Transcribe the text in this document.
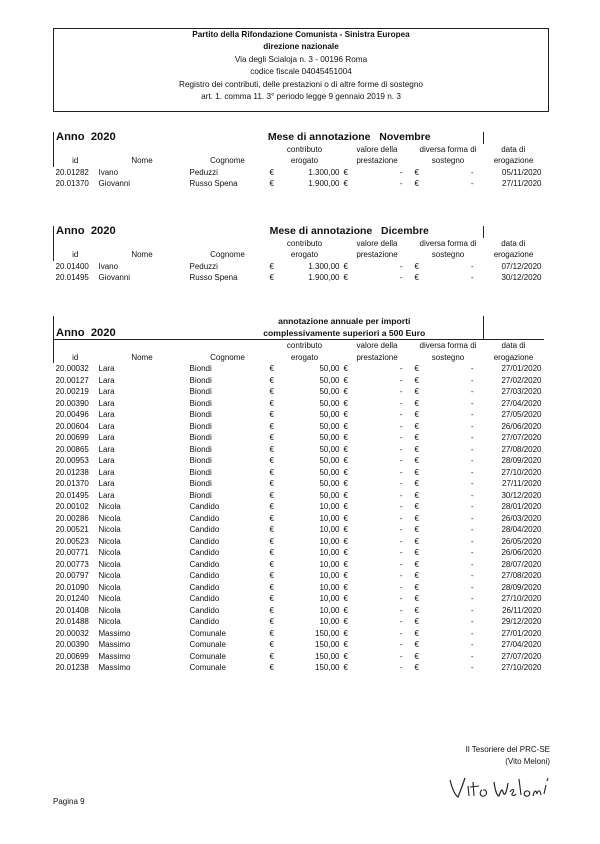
Partito della Rifondazione Comunista - Sinistra Europea
direzione nazionale
Via degli Scialoja n. 3 - 00196 Roma
codice fiscale 04045451004
Registro dei contributi, delle prestazioni o di altre forme di sostegno
art. 1. comma 11. 3° periodo legge 9 gennaio 2019 n. 3
Anno 2020		Mese di annotazione Novembre							
			contributo		valore della		diversa forma di		data di
id	Nome	Cognome	erogato		prestazione		sostegno		erogazione
20.01282	Ivano	Peduzzi	€	1.300,00	€	-	€	-	05/11/2020
20.01370	Giovanni	Russo Spena	€	1.900,00	€	-	€	-	27/11/2020
Anno 2020		Mese di annotazione Dicembre							
			contributo		valore della		diversa forma di		data di
id	Nome	Cognome	erogato		prestazione		sostegno		erogazione
20.01400	Ivano	Peduzzi	€	1.300,00	€	-	€	-	07/12/2020
20.01495	Giovanni	Russo Spena	€	1.900,00	€	-	€	-	30/12/2020
		annotazione annuale per importi							
Anno 2020		complessivamente superiori a 500 Euro							
			contributo		valore della		diversa forma di		data di
id	Nome	Cognome	erogato		prestazione		sostegno		erogazione
20.00032	Lara	Biondi	€	50,00	€	-	€	-	27/01/2020
20.00127	Lara	Biondi	€	50,00	€	-	€	-	27/02/2020
20.00219	Lara	Biondi	€	50,00	€	-	€	-	27/03/2020
20.00390	Lara	Biondi	€	50,00	€	-	€	-	27/04/2020
20.00496	Lara	Biondi	€	50,00	€	-	€	-	27/05/2020
20.00604	Lara	Biondi	€	50,00	€	-	€	-	26/06/2020
20.00699	Lara	Biondi	€	50,00	€	-	€	-	27/07/2020
20.00865	Lara	Biondi	€	50,00	€	-	€	-	27/08/2020
20.00953	Lara	Biondi	€	50,00	€	-	€	-	28/09/2020
20.01238	Lara	Biondi	€	50,00	€	-	€	-	27/10/2020
20.01370	Lara	Biondi	€	50,00	€	-	€	-	27/11/2020
20.01495	Lara	Biondi	€	50,00	€	-	€	-	30/12/2020
20.00102	Nicola	Candido	€	10,00	€	-	€	-	28/01/2020
20.00286	Nicola	Candido	€	10,00	€	-	€	-	26/03/2020
20.00521	Nicola	Candido	€	10,00	€	-	€	-	28/04/2020
20.00523	Nicola	Candido	€	10,00	€	-	€	-	26/05/2020
20.00771	Nicola	Candido	€	10,00	€	-	€	-	26/06/2020
20.00773	Nicola	Candido	€	10,00	€	-	€	-	28/07/2020
20.00797	Nicola	Candido	€	10,00	€	-	€	-	27/08/2020
20.01090	Nicola	Candido	€	10,00	€	-	€	-	28/09/2020
20.01240	Nicola	Candido	€	10,00	€	-	€	-	27/10/2020
20.01408	Nicola	Candido	€	10,00	€	-	€	-	26/11/2020
20.01488	Nicola	Candido	€	10,00	€	-	€	-	29/12/2020
20.00032	Massimo	Comunale	€	150,00	€	-	€	-	27/01/2020
20.00390	Massimo	Comunale	€	150,00	€	-	€	-	27/04/2020
20.00699	Massimo	Comunale	€	150,00	€	-	€	-	27/07/2020
20.01238	Massimo	Comunale	€	150,00	€	-	€	-	27/10/2020
Il Tesoriere del PRC-SE
(Vito Meloni)
Pagina 9
